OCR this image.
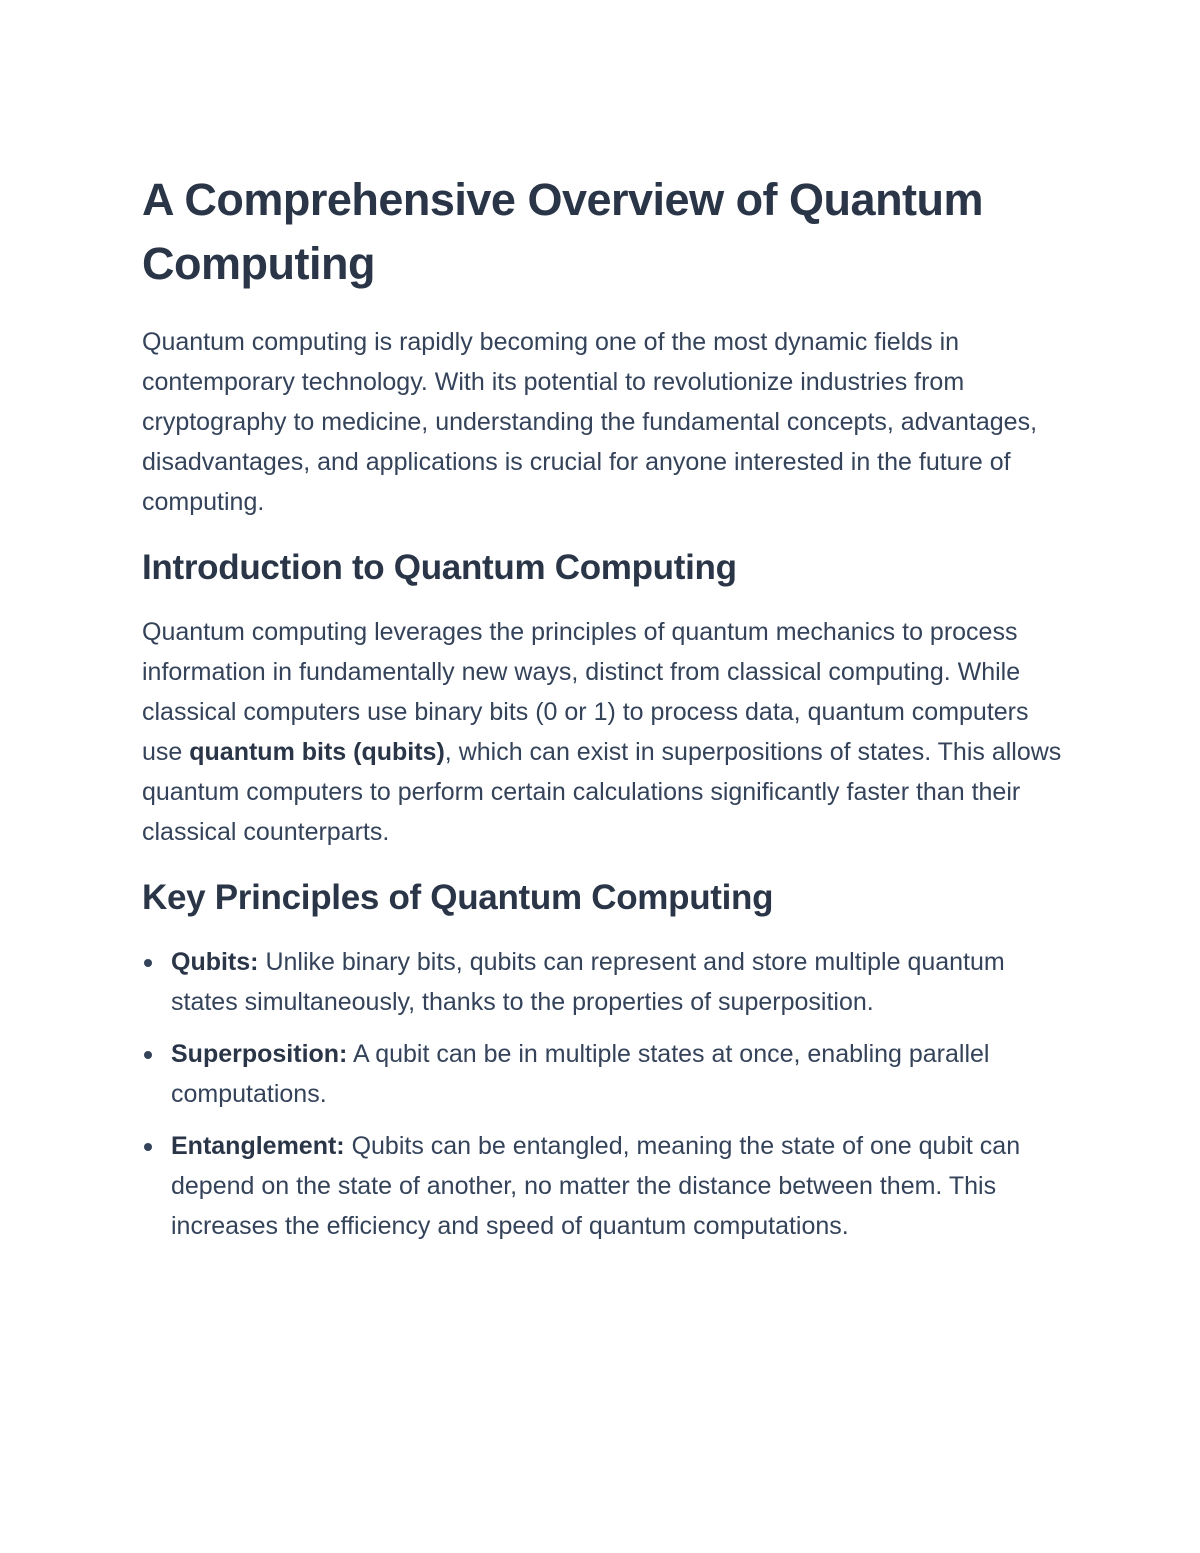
A Comprehensive Overview of Quantum Computing

Quantum computing is rapidly becoming one of the most dynamic fields in contemporary technology. With its potential to revolutionize industries from cryptography to medicine, understanding the fundamental concepts, advantages, disadvantages, and applications is crucial for anyone interested in the future of computing.

Introduction to Quantum Computing

Quantum computing leverages the principles of quantum mechanics to process information in fundamentally new ways, distinct from classical computing. While classical computers use binary bits (0 or 1) to process data, quantum computers use quantum bits (qubits), which can exist in superpositions of states. This allows quantum computers to perform certain calculations significantly faster than their classical counterparts.

Key Principles of Quantum Computing
Qubits: Unlike binary bits, qubits can represent and store multiple quantum states simultaneously, thanks to the properties of superposition.
Superposition: A qubit can be in multiple states at once, enabling parallel computations.
Entanglement: Qubits can be entangled, meaning the state of one qubit can depend on the state of another, no matter the distance between them. This increases the efficiency and speed of quantum computations.
